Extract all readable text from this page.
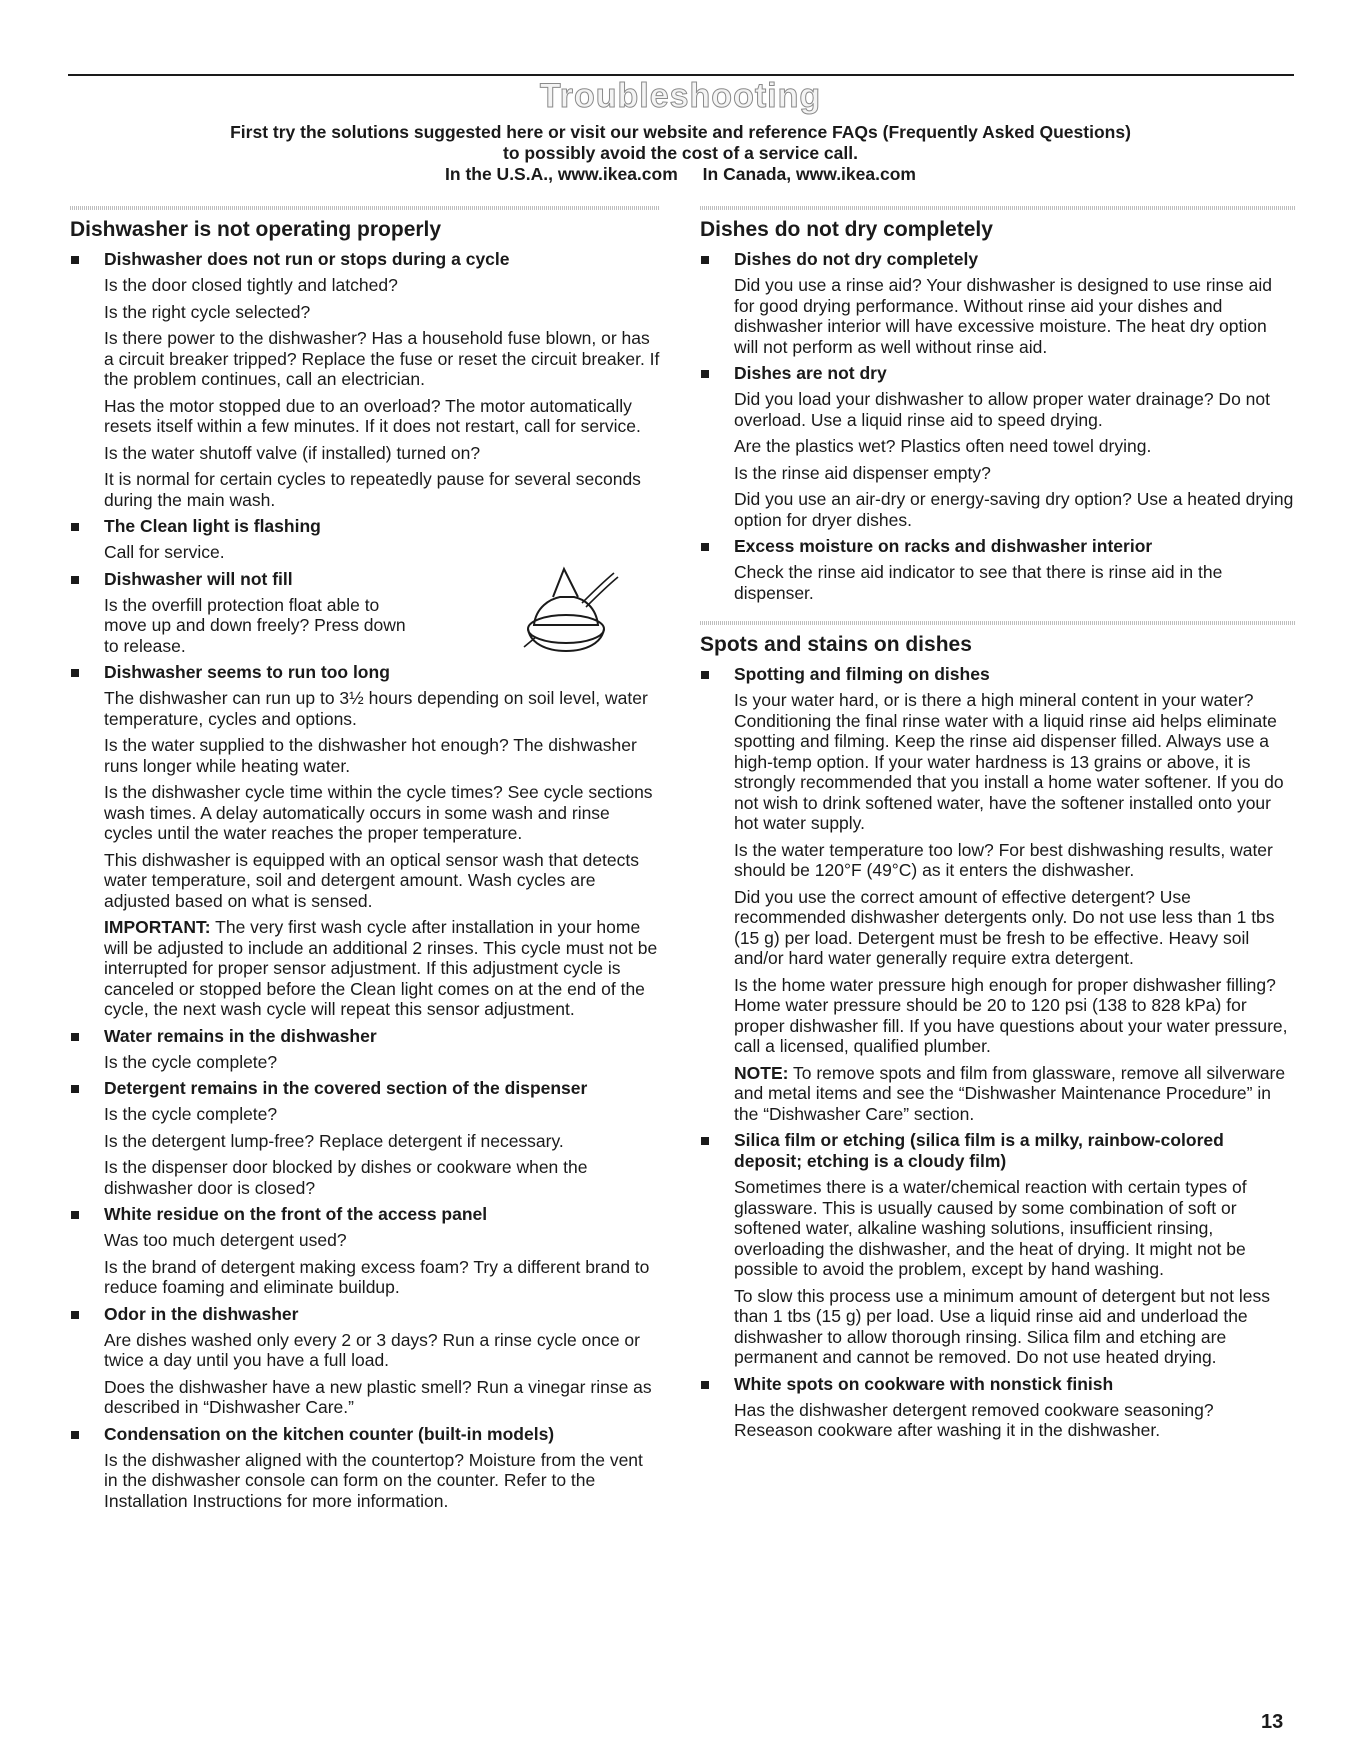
Troubleshooting
First try the solutions suggested here or visit our website and reference FAQs (Frequently Asked Questions)
to possibly avoid the cost of a service call.
In the U.S.A., www.ikea.com In Canada, www.ikea.com
Dishwasher is not operating properly
Dishwasher does not run or stops during a cycle
Is the door closed tightly and latched?
Is the right cycle selected?
Is there power to the dishwasher? Has a household fuse blown, or has a circuit breaker tripped? Replace the fuse or reset the circuit breaker. If the problem continues, call an electrician.
Has the motor stopped due to an overload? The motor automatically resets itself within a few minutes. If it does not restart, call for service.
Is the water shutoff valve (if installed) turned on?
It is normal for certain cycles to repeatedly pause for several seconds during the main wash.
The Clean light is flashing
Call for service.
Dishwasher will not fill
Is the overfill protection float able to
move up and down freely? Press down
to release.
Dishwasher seems to run too long
The dishwasher can run up to 3½ hours depending on soil level, water temperature, cycles and options.
Is the water supplied to the dishwasher hot enough? The dishwasher runs longer while heating water.
Is the dishwasher cycle time within the cycle times? See cycle sections wash times. A delay automatically occurs in some wash and rinse cycles until the water reaches the proper temperature.
This dishwasher is equipped with an optical sensor wash that detects water temperature, soil and detergent amount. Wash cycles are adjusted based on what is sensed.
IMPORTANT: The very first wash cycle after installation in your home will be adjusted to include an additional 2 rinses. This cycle must not be interrupted for proper sensor adjustment. If this adjustment cycle is canceled or stopped before the Clean light comes on at the end of the cycle, the next wash cycle will repeat this sensor adjustment.
Water remains in the dishwasher
Is the cycle complete?
Detergent remains in the covered section of the dispenser
Is the cycle complete?
Is the detergent lump-free? Replace detergent if necessary.
Is the dispenser door blocked by dishes or cookware when the dishwasher door is closed?
White residue on the front of the access panel
Was too much detergent used?
Is the brand of detergent making excess foam? Try a different brand to reduce foaming and eliminate buildup.
Odor in the dishwasher
Are dishes washed only every 2 or 3 days? Run a rinse cycle once or twice a day until you have a full load.
Does the dishwasher have a new plastic smell? Run a vinegar rinse as described in “Dishwasher Care.”
Condensation on the kitchen counter (built-in models)
Is the dishwasher aligned with the countertop? Moisture from the vent in the dishwasher console can form on the counter. Refer to the Installation Instructions for more information.
Dishes do not dry completely
Dishes do not dry completely
Did you use a rinse aid? Your dishwasher is designed to use rinse aid for good drying performance. Without rinse aid your dishes and dishwasher interior will have excessive moisture. The heat dry option will not perform as well without rinse aid.
Dishes are not dry
Did you load your dishwasher to allow proper water drainage? Do not overload. Use a liquid rinse aid to speed drying.
Are the plastics wet? Plastics often need towel drying.
Is the rinse aid dispenser empty?
Did you use an air-dry or energy-saving dry option? Use a heated drying option for dryer dishes.
Excess moisture on racks and dishwasher interior
Check the rinse aid indicator to see that there is rinse aid in the dispenser.
Spots and stains on dishes
Spotting and filming on dishes
Is your water hard, or is there a high mineral content in your water? Conditioning the final rinse water with a liquid rinse aid helps eliminate spotting and filming. Keep the rinse aid dispenser filled. Always use a high-temp option. If your water hardness is 13 grains or above, it is strongly recommended that you install a home water softener. If you do not wish to drink softened water, have the softener installed onto your hot water supply.
Is the water temperature too low? For best dishwashing results, water should be 120°F (49°C) as it enters the dishwasher.
Did you use the correct amount of effective detergent? Use recommended dishwasher detergents only. Do not use less than 1 tbs (15 g) per load. Detergent must be fresh to be effective. Heavy soil and/or hard water generally require extra detergent.
Is the home water pressure high enough for proper dishwasher filling? Home water pressure should be 20 to 120 psi (138 to 828 kPa) for proper dishwasher fill. If you have questions about your water pressure, call a licensed, qualified plumber.
NOTE: To remove spots and film from glassware, remove all silverware and metal items and see the “Dishwasher Maintenance Procedure” in the “Dishwasher Care” section.
Silica film or etching (silica film is a milky, rainbow-colored deposit; etching is a cloudy film)
Sometimes there is a water/chemical reaction with certain types of glassware. This is usually caused by some combination of soft or softened water, alkaline washing solutions, insufficient rinsing, overloading the dishwasher, and the heat of drying. It might not be possible to avoid the problem, except by hand washing.
To slow this process use a minimum amount of detergent but not less than 1 tbs (15 g) per load. Use a liquid rinse aid and underload the dishwasher to allow thorough rinsing. Silica film and etching are permanent and cannot be removed. Do not use heated drying.
White spots on cookware with nonstick finish
Has the dishwasher detergent removed cookware seasoning? Reseason cookware after washing it in the dishwasher.
13
